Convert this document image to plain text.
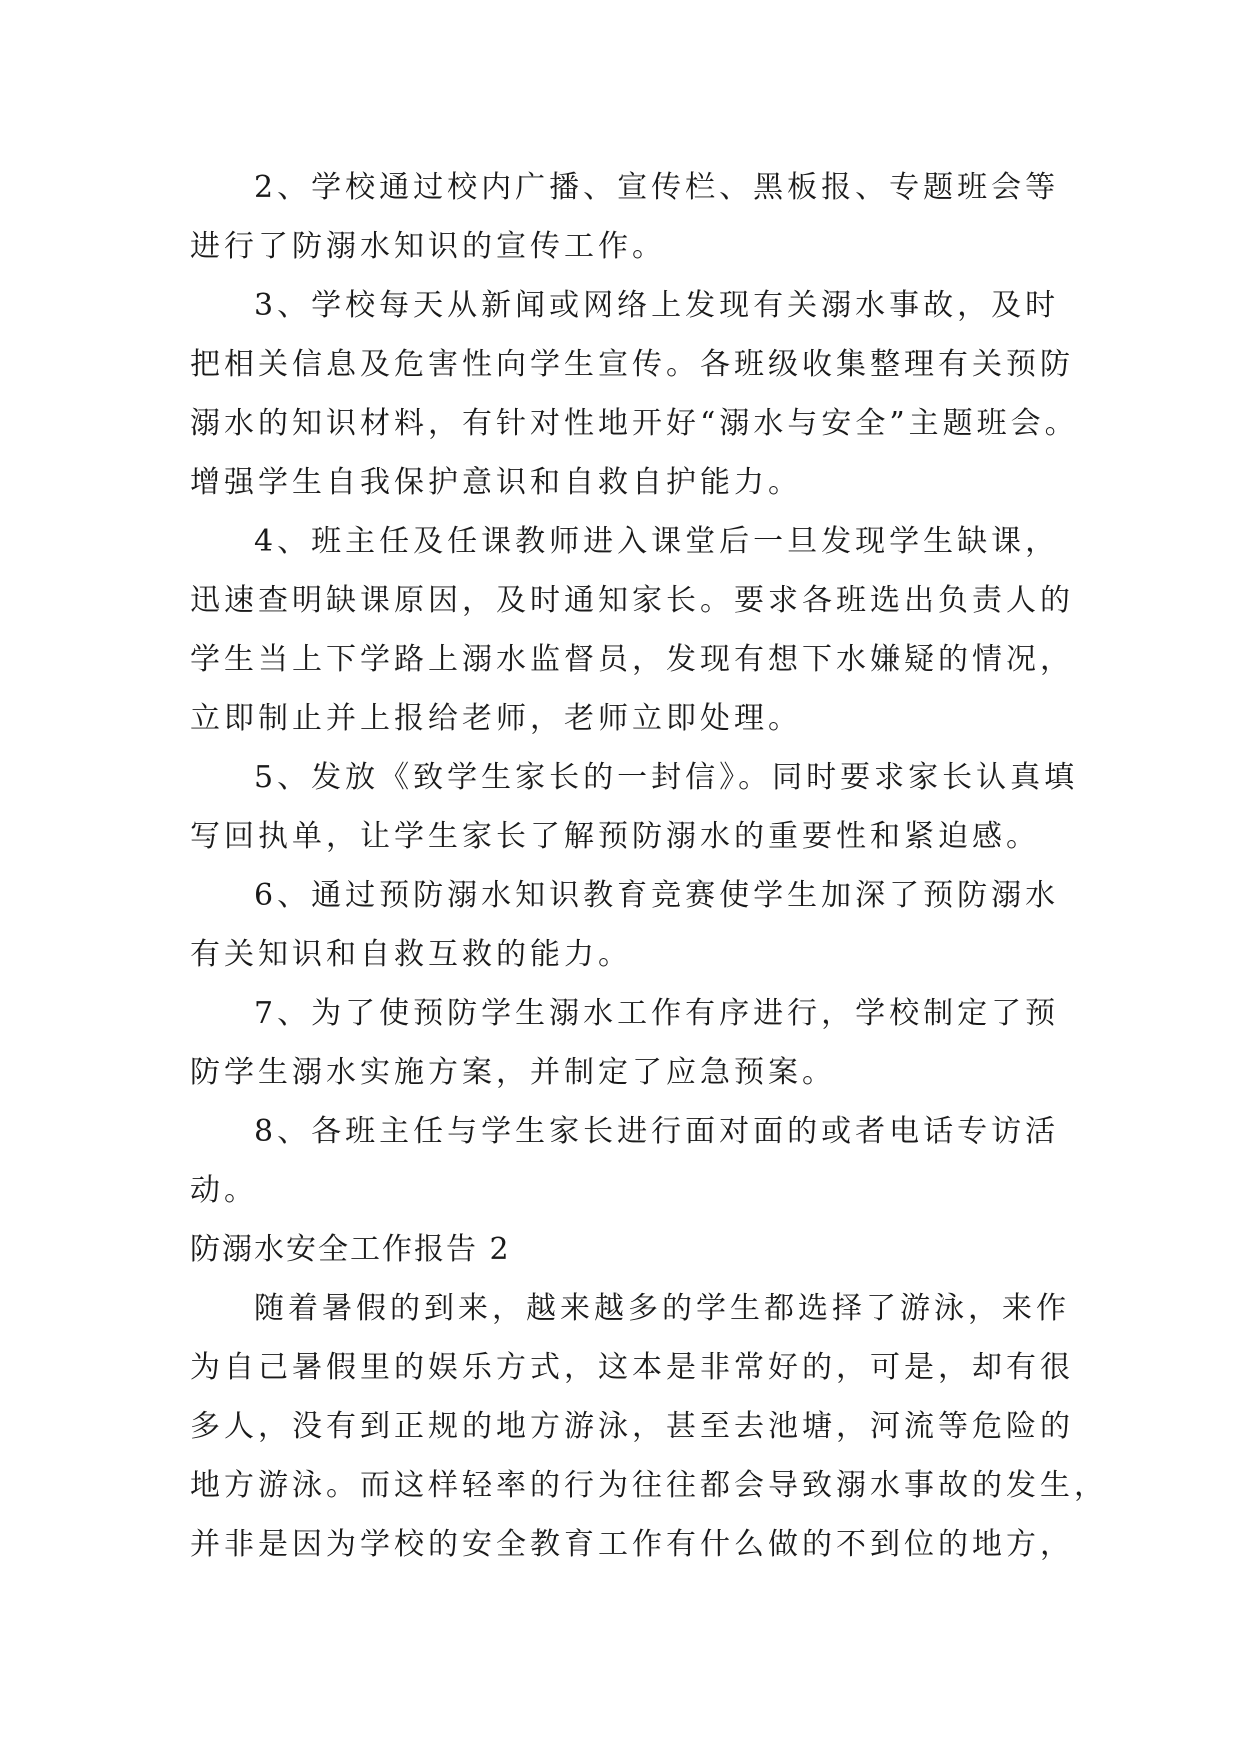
2、学校通过校内广播、宣传栏、黑板报、专题班会等
进行了防溺水知识的宣传工作。
3、学校每天从新闻或网络上发现有关溺水事故，及时
把相关信息及危害性向学生宣传。各班级收集整理有关预防
溺水的知识材料，有针对性地开好“溺水与安全”主题班会。
增强学生自我保护意识和自救自护能力。
4、班主任及任课教师进入课堂后一旦发现学生缺课，
迅速查明缺课原因，及时通知家长。要求各班选出负责人的
学生当上下学路上溺水监督员，发现有想下水嫌疑的情况，
立即制止并上报给老师，老师立即处理。
5、发放《致学生家长的一封信》。同时要求家长认真填
写回执单，让学生家长了解预防溺水的重要性和紧迫感。
6、通过预防溺水知识教育竞赛使学生加深了预防溺水
有关知识和自救互救的能力。
7、为了使预防学生溺水工作有序进行，学校制定了预
防学生溺水实施方案，并制定了应急预案。
8、各班主任与学生家长进行面对面的或者电话专访活
动。
防溺水安全工作报告 2
随着暑假的到来，越来越多的学生都选择了游泳，来作
为自己暑假里的娱乐方式，这本是非常好的，可是，却有很
多人，没有到正规的地方游泳，甚至去池塘，河流等危险的
地方游泳。而这样轻率的行为往往都会导致溺水事故的发生，
并非是因为学校的安全教育工作有什么做的不到位的地方，
